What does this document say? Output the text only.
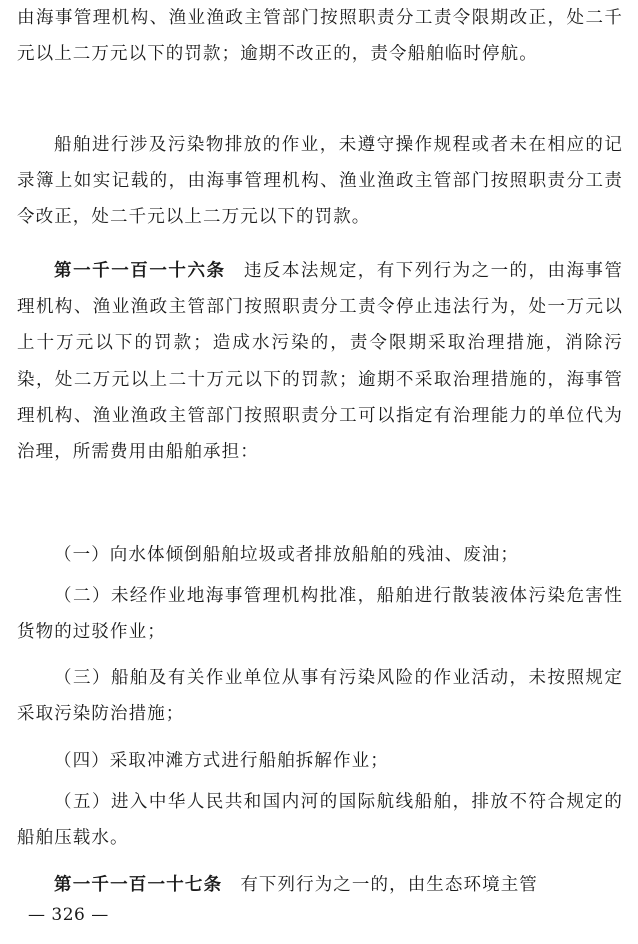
由海事管理机构、渔业渔政主管部门按照职责分工责令限期改正，处二千元以上二万元以下的罚款；逾期不改正的，责令船舶临时停航。

船舶进行涉及污染物排放的作业，未遵守操作规程或者未在相应的记录簿上如实记载的，由海事管理机构、渔业渔政主管部门按照职责分工责令改正，处二千元以上二万元以下的罚款。

第一千一百一十六条 违反本法规定，有下列行为之一的，由海事管理机构、渔业渔政主管部门按照职责分工责令停止违法行为，处一万元以上十万元以下的罚款；造成水污染的，责令限期采取治理措施，消除污染，处二万元以上二十万元以下的罚款；逾期不采取治理措施的，海事管理机构、渔业渔政主管部门按照职责分工可以指定有治理能力的单位代为治理，所需费用由船舶承担：

（一）向水体倾倒船舶垃圾或者排放船舶的残油、废油；

（二）未经作业地海事管理机构批准，船舶进行散装液体污染危害性货物的过驳作业；

（三）船舶及有关作业单位从事有污染风险的作业活动，未按照规定采取污染防治措施；

（四）采取冲滩方式进行船舶拆解作业；

（五）进入中华人民共和国内河的国际航线船舶，排放不符合规定的船舶压载水。

第一千一百一十七条 有下列行为之一的，由生态环境主管

— 326 —
